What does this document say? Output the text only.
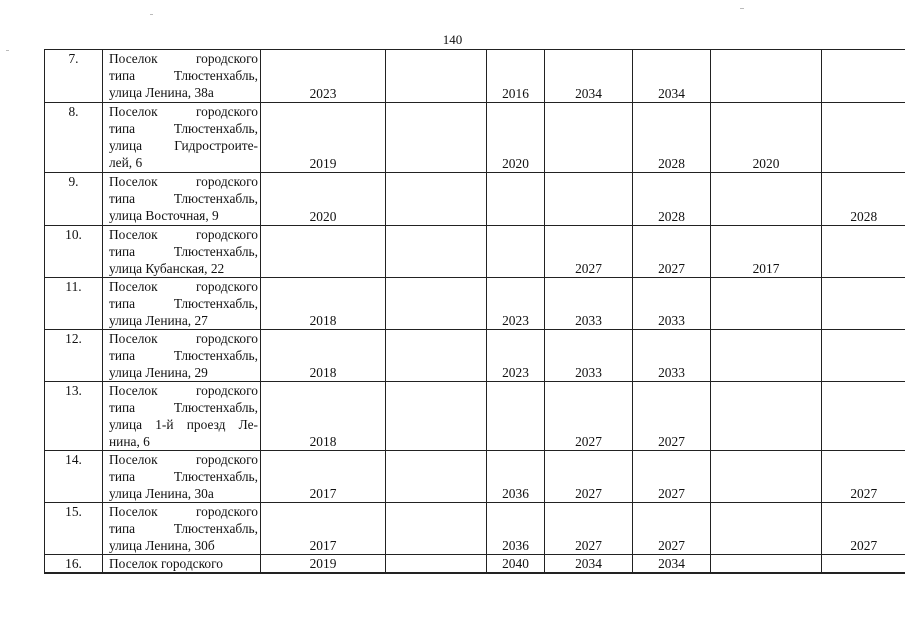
140
7.	Поселок городского
типа Тлюстенхабль,
улица Ленина, 38а	2023		2016	2034	2034		
8.	Поселок городского
типа Тлюстенхабль,
улица Гидростроите-
лей, 6	2019		2020		2028	2020	
9.	Поселок городского
типа Тлюстенхабль,
улица Восточная, 9	2020				2028		2028
10.	Поселок городского
типа Тлюстенхабль,
улица Кубанская, 22				2027	2027	2017	
11.	Поселок городского
типа Тлюстенхабль,
улица Ленина, 27	2018		2023	2033	2033		
12.	Поселок городского
типа Тлюстенхабль,
улица Ленина, 29	2018		2023	2033	2033		
13.	Поселок городского
типа Тлюстенхабль,
улица 1-й проезд Ле-
нина, 6	2018			2027	2027		
14.	Поселок городского
типа Тлюстенхабль,
улица Ленина, 30а	2017		2036	2027	2027		2027
15.	Поселок городского
типа Тлюстенхабль,
улица Ленина, 30б	2017		2036	2027	2027		2027
16.	Поселок городского	2019		2040	2034	2034		
